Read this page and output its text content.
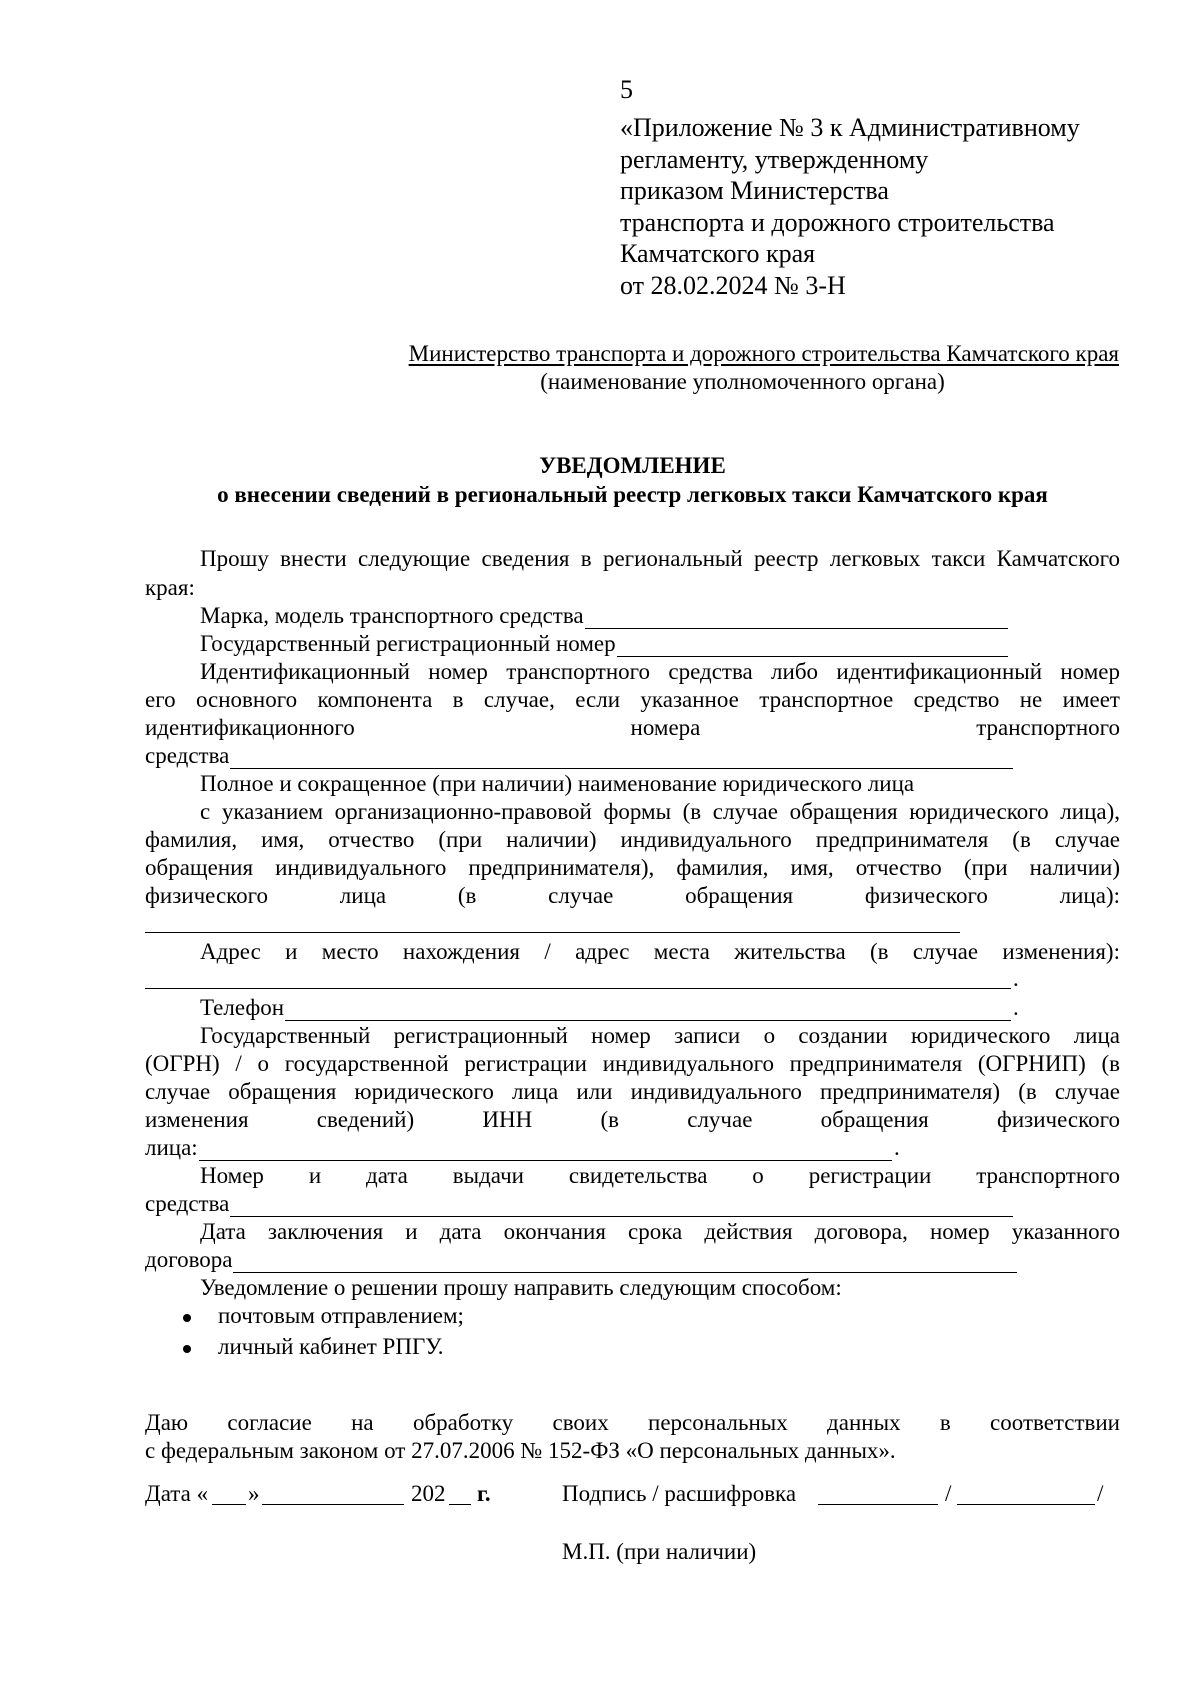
5
«Приложение № 3 к Административному
регламенту, утвержденному
приказом Министерства
транспорта и дорожного строительства
Камчатского края
от 28.02.2024 № 3-Н
Министерство транспорта и дорожного строительства Камчатского края
(наименование уполномоченного органа)
УВЕДОМЛЕНИЕ
о внесении сведений в региональный реестр легковых такси Камчатского края
Прошу внести следующие сведения в региональный реестр легковых такси Камчатского
края:
Марка, модель транспортного средства
Государственный регистрационный номер
Идентификационный номер транспортного средства либо идентификационный номер
его основного компонента в случае, если указанное транспортное средство не имеет
идентификационного номера транспортного
средства
Полное и сокращенное (при наличии) наименование юридического лица
с указанием организационно-правовой формы (в случае обращения юридического лица),
фамилия, имя, отчество (при наличии) индивидуального предпринимателя (в случае
обращения индивидуального предпринимателя), фамилия, имя, отчество (при наличии)
физического лица (в случае обращения физического лица):
Адрес и место нахождения / адрес места жительства (в случае изменения):
.
Телефон	.
Государственный регистрационный номер записи о создании юридического лица
(ОГРН) / о государственной регистрации индивидуального предпринимателя (ОГРНИП) (в
случае обращения юридического лица или индивидуального предпринимателя) (в случае
изменения сведений) ИНН (в случае обращения физического
лица:	.
Номер и дата выдачи свидетельства о регистрации транспортного
средства
Дата заключения и дата окончания срока действия договора, номер указанного
договора
Уведомление о решении прошу направить следующим способом:
почтовым отправлением;
личный кабинет РПГУ.
Даю согласие на обработку своих персональных данных в соответствии
с федеральным законом от 27.07.2006 № 152-ФЗ «О персональных данных».
Дата « »	202 г.	Подпись / расшифровка	/	/
М.П. (при наличии)
